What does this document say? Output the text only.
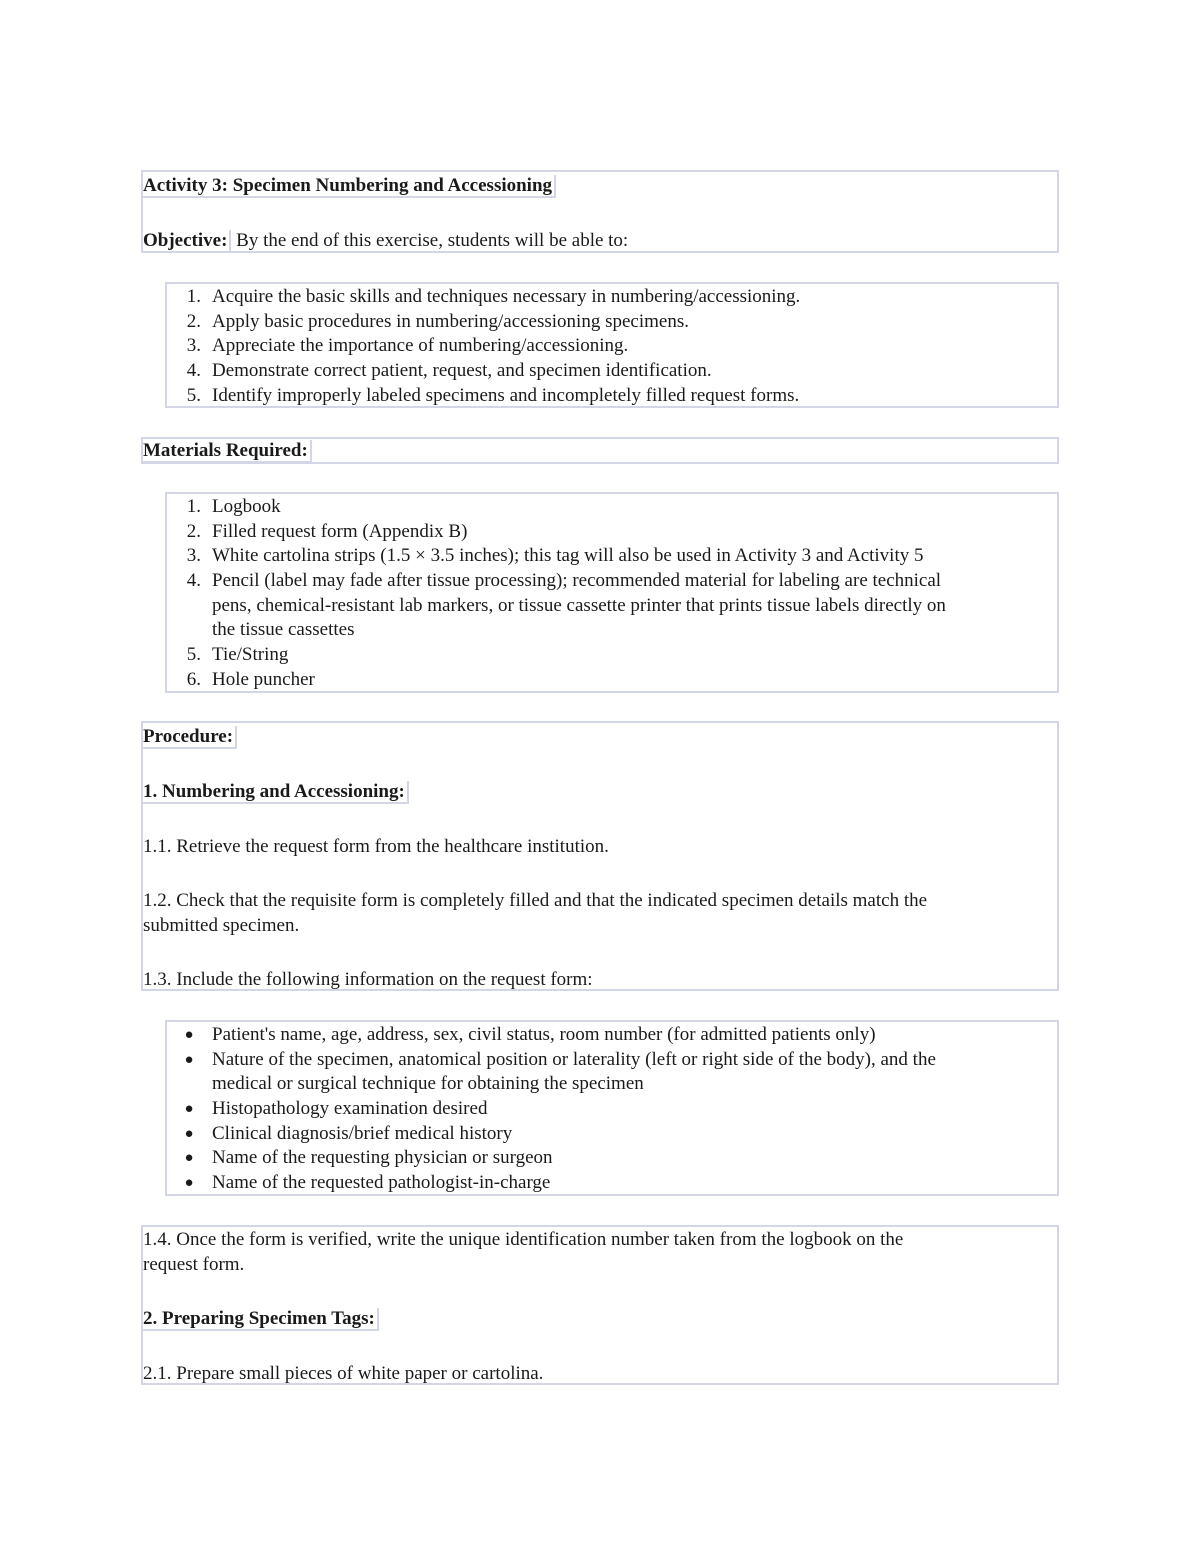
Activity 3: Specimen Numbering and Accessioning
Objective: By the end of this exercise, students will be able to:
1. Acquire the basic skills and techniques necessary in numbering/accessioning.
2. Apply basic procedures in numbering/accessioning specimens.
3. Appreciate the importance of numbering/accessioning.
4. Demonstrate correct patient, request, and specimen identification.
5. Identify improperly labeled specimens and incompletely filled request forms.
Materials Required:
1. Logbook
2. Filled request form (Appendix B)
3. White cartolina strips (1.5 × 3.5 inches); this tag will also be used in Activity 3 and Activity 5
4. Pencil (label may fade after tissue processing); recommended material for labeling are technical
pens, chemical-resistant lab markers, or tissue cassette printer that prints tissue labels directly on
the tissue cassettes
5. Tie/String
6. Hole puncher
Procedure:
1. Numbering and Accessioning:
1.1. Retrieve the request form from the healthcare institution.
1.2. Check that the requisite form is completely filled and that the indicated specimen details match the
submitted specimen.
1.3. Include the following information on the request form:
● Patient's name, age, address, sex, civil status, room number (for admitted patients only)
● Nature of the specimen, anatomical position or laterality (left or right side of the body), and the
medical or surgical technique for obtaining the specimen
● Histopathology examination desired
● Clinical diagnosis/brief medical history
● Name of the requesting physician or surgeon
● Name of the requested pathologist-in-charge
1.4. Once the form is verified, write the unique identification number taken from the logbook on the
request form.
2. Preparing Specimen Tags:
2.1. Prepare small pieces of white paper or cartolina.
